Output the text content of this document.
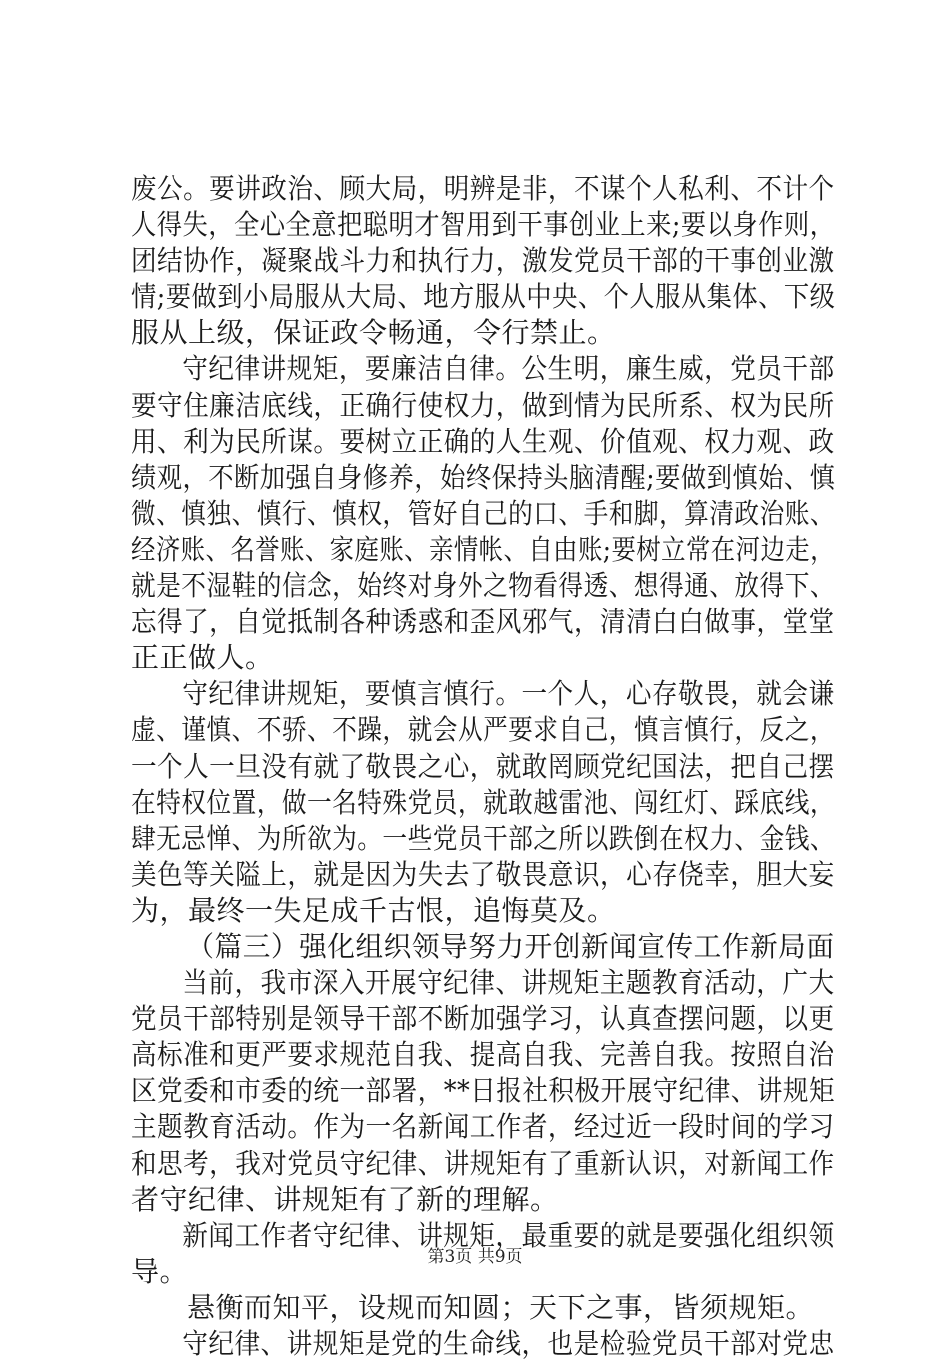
废公。要讲政治、顾大局，明辨是非，不谋个人私利、不计个
人得失，全心全意把聪明才智用到干事创业上来;要以身作则，
团结协作，凝聚战斗力和执行力，激发党员干部的干事创业激
情;要做到小局服从大局、地方服从中央、个人服从集体、下级
服从上级，保证政令畅通，令行禁止。
守纪律讲规矩，要廉洁自律。公生明，廉生威，党员干部
要守住廉洁底线，正确行使权力，做到情为民所系、权为民所
用、利为民所谋。要树立正确的人生观、价值观、权力观、政
绩观，不断加强自身修养，始终保持头脑清醒;要做到慎始、慎
微、慎独、慎行、慎权，管好自己的口、手和脚，算清政治账、
经济账、名誉账、家庭账、亲情帐、自由账;要树立常在河边走，
就是不湿鞋的信念，始终对身外之物看得透、想得通、放得下、
忘得了，自觉抵制各种诱惑和歪风邪气，清清白白做事，堂堂
正正做人。
守纪律讲规矩，要慎言慎行。一个人，心存敬畏，就会谦
虚、谨慎、不骄、不躁，就会从严要求自己，慎言慎行，反之，
一个人一旦没有就了敬畏之心，就敢罔顾党纪国法，把自己摆
在特权位置，做一名特殊党员，就敢越雷池、闯红灯、踩底线，
肆无忌惮、为所欲为。一些党员干部之所以跌倒在权力、金钱、
美色等关隘上，就是因为失去了敬畏意识，心存侥幸，胆大妄
为，最终一失足成千古恨，追悔莫及。
（篇三）强化组织领导努力开创新闻宣传工作新局面
当前，我市深入开展守纪律、讲规矩主题教育活动，广大
党员干部特别是领导干部不断加强学习，认真查摆问题，以更
高标准和更严要求规范自我、提高自我、完善自我。按照自治
区党委和市委的统一部署，**日报社积极开展守纪律、讲规矩
主题教育活动。作为一名新闻工作者，经过近一段时间的学习
和思考，我对党员守纪律、讲规矩有了重新认识，对新闻工作
者守纪律、讲规矩有了新的理解。
新闻工作者守纪律、讲规矩，最重要的就是要强化组织领
导。
悬衡而知平，设规而知圆；天下之事，皆须规矩。
守纪律、讲规矩是党的生命线，也是检验党员干部对党忠
第3页 共9页
